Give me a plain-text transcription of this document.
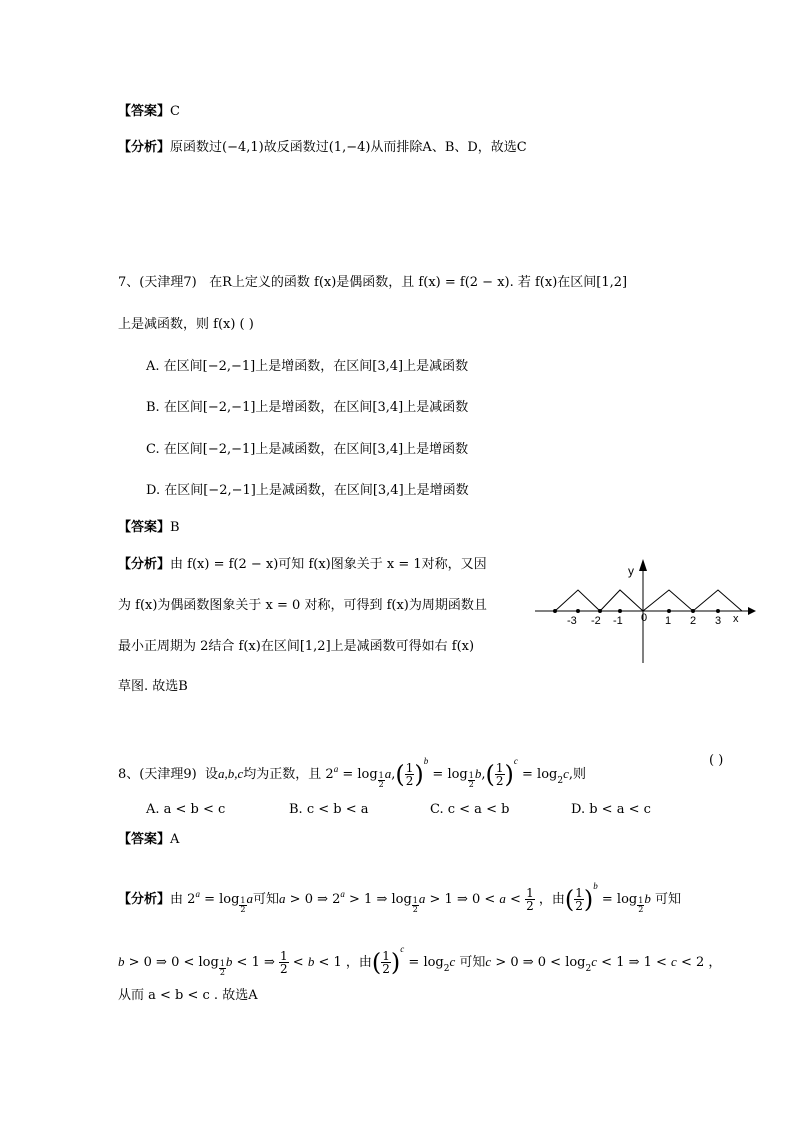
【答案】C
【分析】原函数过(−4,1)故反函数过(1,−4)从而排除A、B、D，故选C
7、(天津理7) 在R上定义的函数 f(x)是偶函数，且 f(x) = f(2 − x). 若 f(x)在区间[1,2]
上是减函数，则 f(x) ( )
A. 在区间[−2,−1]上是增函数，在区间[3,4]上是减函数
B. 在区间[−2,−1]上是增函数，在区间[3,4]上是减函数
C. 在区间[−2,−1]上是减函数，在区间[3,4]上是增函数
D. 在区间[−2,−1]上是减函数，在区间[3,4]上是增函数
【答案】B
【分析】由 f(x) = f(2 − x)可知 f(x)图象关于 x = 1对称，又因
为 f(x)为偶函数图象关于 x = 0 对称，可得到 f(x)为周期函数且
最小正周期为 2结合 f(x)在区间[1,2]上是减函数可得如右 f(x)
草图. 故选B
y
x
0
-3 -2 -1	1 2 3
8、(天津理9) 设a,b,c均为正数，且 $2^a = \log _{\frac{1}{2}}$ $a,( \frac{1}{2} )^b = \log _{\frac{1}{2}}$ $b,( \frac{1}{2} )^c = \log_2c$,则
( )
A. a < b < c	B. c < b < a	C. c < a < b	D. b < a < c
【答案】A
【分析】由 $2^a = \log _{\frac{1}{2}}$ a可知a > 0 ⇒ $2^a > 1$ ⇒ log $_{\frac{1}{2}}$ a > 1 ⇒ $0 < a < \frac{1}{2}$ ，由( $\frac{1}{2} )^b = \log _{\frac{1}{2}}$ b 可知
b > 0 ⇒ 0 < log $_{\frac{1}{2}}$ b < 1 ⇒ $\frac{1}{2} < b < 1$ ，由( $\frac{1}{2} )^c = \log_2c$ 可知c > 0 ⇒ $0 < \log_2c < 1$ ⇒ 1 < c < 2 ，
从而 a < b < c . 故选A
